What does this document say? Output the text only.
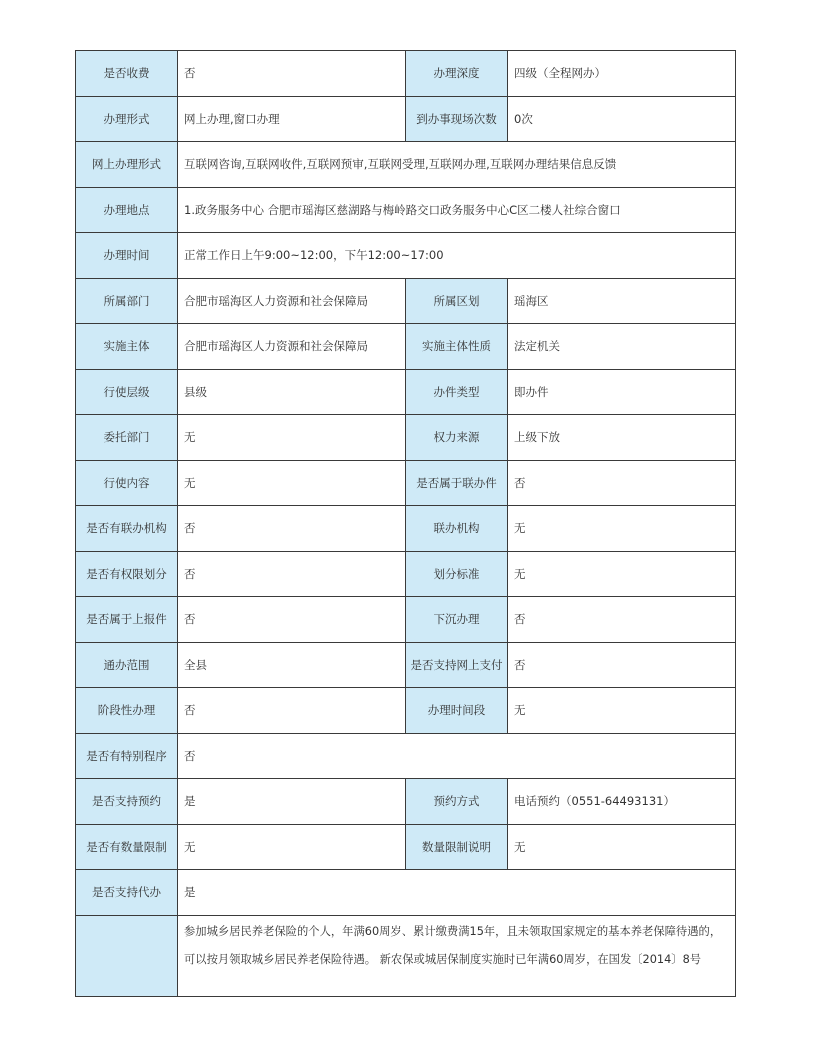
是否收费	否	办理深度	四级（全程网办）
办理形式	网上办理,窗口办理	到办事现场次数	0次
网上办理形式	互联网咨询,互联网收件,互联网预审,互联网受理,互联网办理,互联网办理结果信息反馈		
办理地点	1.政务服务中心 合肥市瑶海区慈湖路与梅岭路交口政务服务中心C区二楼人社综合窗口		
办理时间	正常工作日上午9:00~12:00，下午12:00~17:00		
所属部门	合肥市瑶海区人力资源和社会保障局	所属区划	瑶海区
实施主体	合肥市瑶海区人力资源和社会保障局	实施主体性质	法定机关
行使层级	县级	办件类型	即办件
委托部门	无	权力来源	上级下放
行使内容	无	是否属于联办件	否
是否有联办机构	否	联办机构	无
是否有权限划分	否	划分标准	无
是否属于上报件	否	下沉办理	否
通办范围	全县	是否支持网上支付	否
阶段性办理	否	办理时间段	无
是否有特别程序	否		
是否支持预约	是	预约方式	电话预约（0551-64493131）
是否有数量限制	无	数量限制说明	无
是否支持代办	是		
	参加城乡居民养老保险的个人，年满60周岁、累计缴费满15年，且未领取国家规定的基本养老保障待遇的，可以按月领取城乡居民养老保险待遇。 新农保或城居保制度实施时已年满60周岁，在国发〔2014〕8号		
